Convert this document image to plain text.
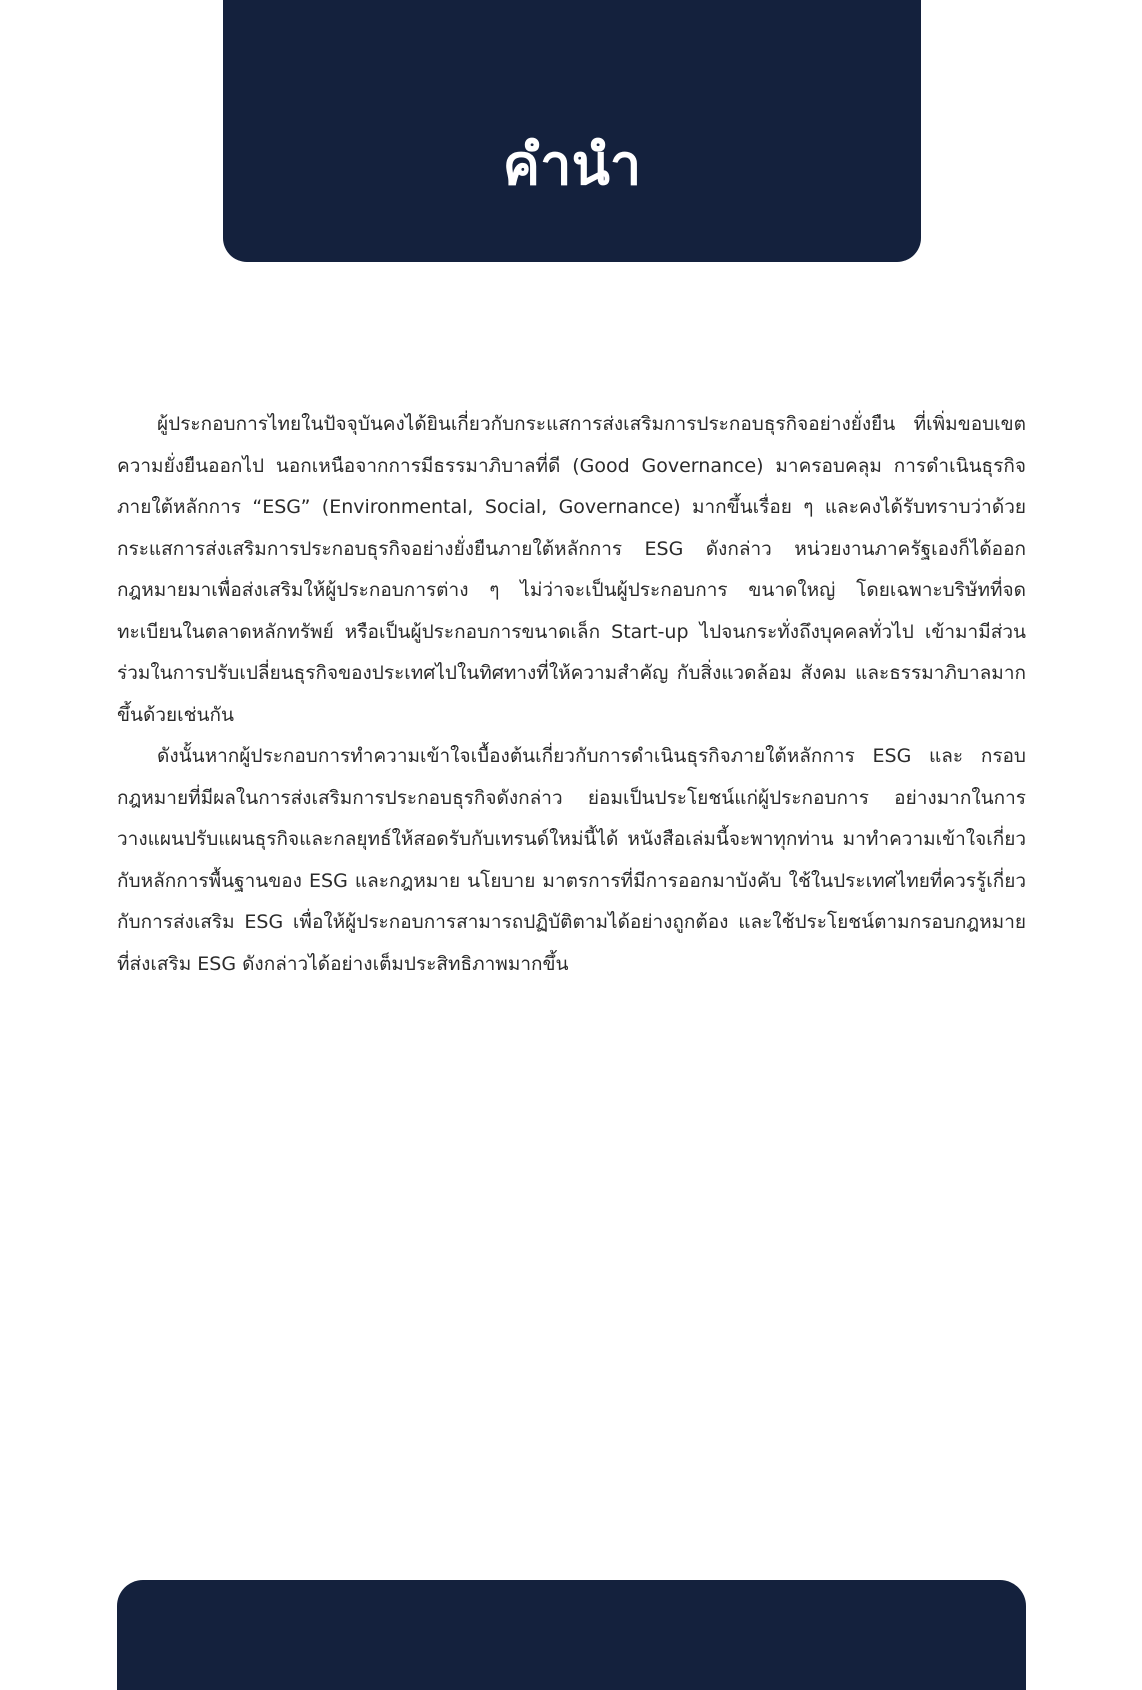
คำนำ

ผู้ประกอบการไทยในปัจจุบันคงได้ยินเกี่ยวกับกระแสการส่งเสริมการประกอบธุรกิจอย่างยั่งยืน ที่เพิ่มขอบเขตความยั่งยืนออกไป นอกเหนือจากการมีธรรมาภิบาลที่ดี (Good Governance) มาครอบคลุม การดำเนินธุรกิจ ภายใต้หลักการ “ESG” (Environmental, Social, Governance) มากขึ้นเรื่อย ๆ และคงได้รับทราบว่าด้วยกระแสการส่งเสริมการประกอบธุรกิจอย่างยั่งยืนภายใต้หลักการ ESG ดังกล่าว หน่วยงานภาครัฐเองก็ได้ออกกฎหมายมาเพื่อส่งเสริมให้ผู้ประกอบการต่าง ๆ ไม่ว่าจะเป็นผู้ประกอบการ ขนาดใหญ่ โดยเฉพาะบริษัทที่จดทะเบียนในตลาดหลักทรัพย์ หรือเป็นผู้ประกอบการขนาดเล็ก Start-up ไปจนกระทั่งถึงบุคคลทั่วไป เข้ามามีส่วนร่วมในการปรับเปลี่ยนธุรกิจของประเทศไปในทิศทางที่ให้ความสำคัญ กับสิ่งแวดล้อม สังคม และธรรมาภิบาลมากขึ้นด้วยเช่นกัน

ดังนั้นหากผู้ประกอบการทำความเข้าใจเบื้องต้นเกี่ยวกับการดำเนินธุรกิจภายใต้หลักการ ESG และ กรอบกฎหมายที่มีผลในการส่งเสริมการประกอบธุรกิจดังกล่าว ย่อมเป็นประโยชน์แก่ผู้ประกอบการ อย่างมากในการวางแผนปรับแผนธุรกิจและกลยุทธ์ให้สอดรับกับเทรนด์ใหม่นี้ได้ หนังสือเล่มนี้จะพาทุกท่าน มาทำความเข้าใจเกี่ยวกับหลักการพื้นฐานของ ESG และกฎหมาย นโยบาย มาตรการที่มีการออกมาบังคับ ใช้ในประเทศไทยที่ควรรู้เกี่ยวกับการส่งเสริม ESG เพื่อให้ผู้ประกอบการสามารถปฏิบัติตามได้อย่างถูกต้อง และใช้ประโยชน์ตามกรอบกฎหมายที่ส่งเสริม ESG ดังกล่าวได้อย่างเต็มประสิทธิภาพมากขึ้น
